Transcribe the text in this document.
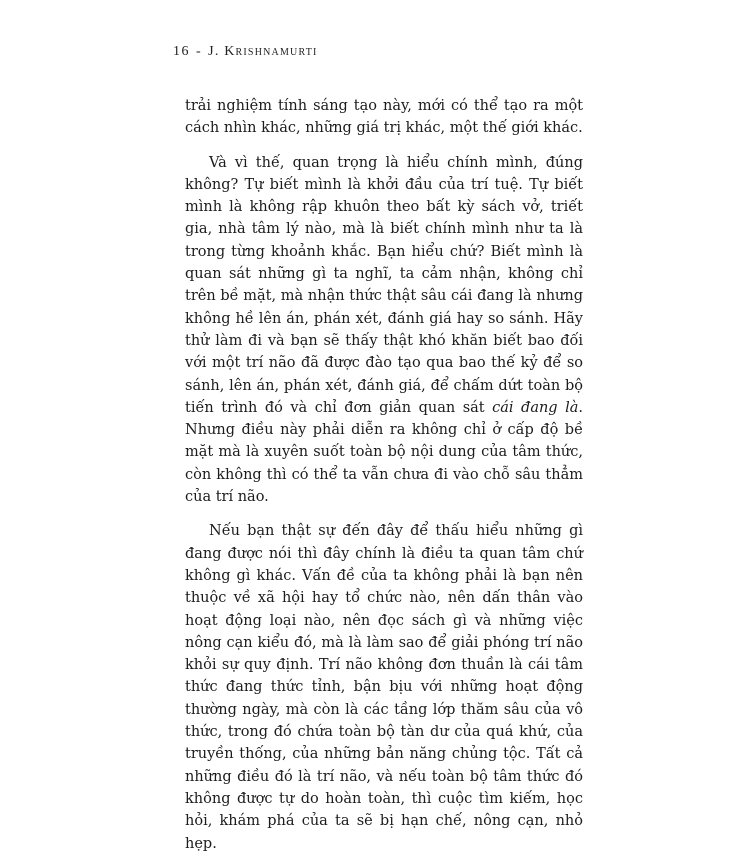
16 - J. Krishnamurti

trải nghiệm tính sáng tạo này, mới có thể tạo ra một cách nhìn khác, những giá trị khác, một thế giới khác.

Và vì thế, quan trọng là hiểu chính mình, đúng không? Tự biết mình là khởi đầu của trí tuệ. Tự biết mình là không rập khuôn theo bất kỳ sách vở, triết gia, nhà tâm lý nào, mà là biết chính mình như ta là trong từng khoảnh khắc. Bạn hiểu chứ? Biết mình là quan sát những gì ta nghĩ, ta cảm nhận, không chỉ trên bề mặt, mà nhận thức thật sâu cái đang là nhưng không hề lên án, phán xét, đánh giá hay so sánh. Hãy thử làm đi và bạn sẽ thấy thật khó khăn biết bao đối với một trí não đã được đào tạo qua bao thế kỷ để so sánh, lên án, phán xét, đánh giá, để chấm dứt toàn bộ tiến trình đó và chỉ đơn giản quan sát cái đang là. Nhưng điều này phải diễn ra không chỉ ở cấp độ bề mặt mà là xuyên suốt toàn bộ nội dung của tâm thức, còn không thì có thể ta vẫn chưa đi vào chỗ sâu thẳm của trí não.

Nếu bạn thật sự đến đây để thấu hiểu những gì đang được nói thì đây chính là điều ta quan tâm chứ không gì khác. Vấn đề của ta không phải là bạn nên thuộc về xã hội hay tổ chức nào, nên dấn thân vào hoạt động loại nào, nên đọc sách gì và những việc nông cạn kiểu đó, mà là làm sao để giải phóng trí não khỏi sự quy định. Trí não không đơn thuần là cái tâm thức đang thức tỉnh, bận bịu với những hoạt động thường ngày, mà còn là các tầng lớp thăm sâu của vô thức, trong đó chứa toàn bộ tàn dư của quá khứ, của truyền thống, của những bản năng chủng tộc. Tất cả những điều đó là trí não, và nếu toàn bộ tâm thức đó không được tự do hoàn toàn, thì cuộc tìm kiếm, học hỏi, khám phá của ta sẽ bị hạn chế, nông cạn, nhỏ hẹp.
